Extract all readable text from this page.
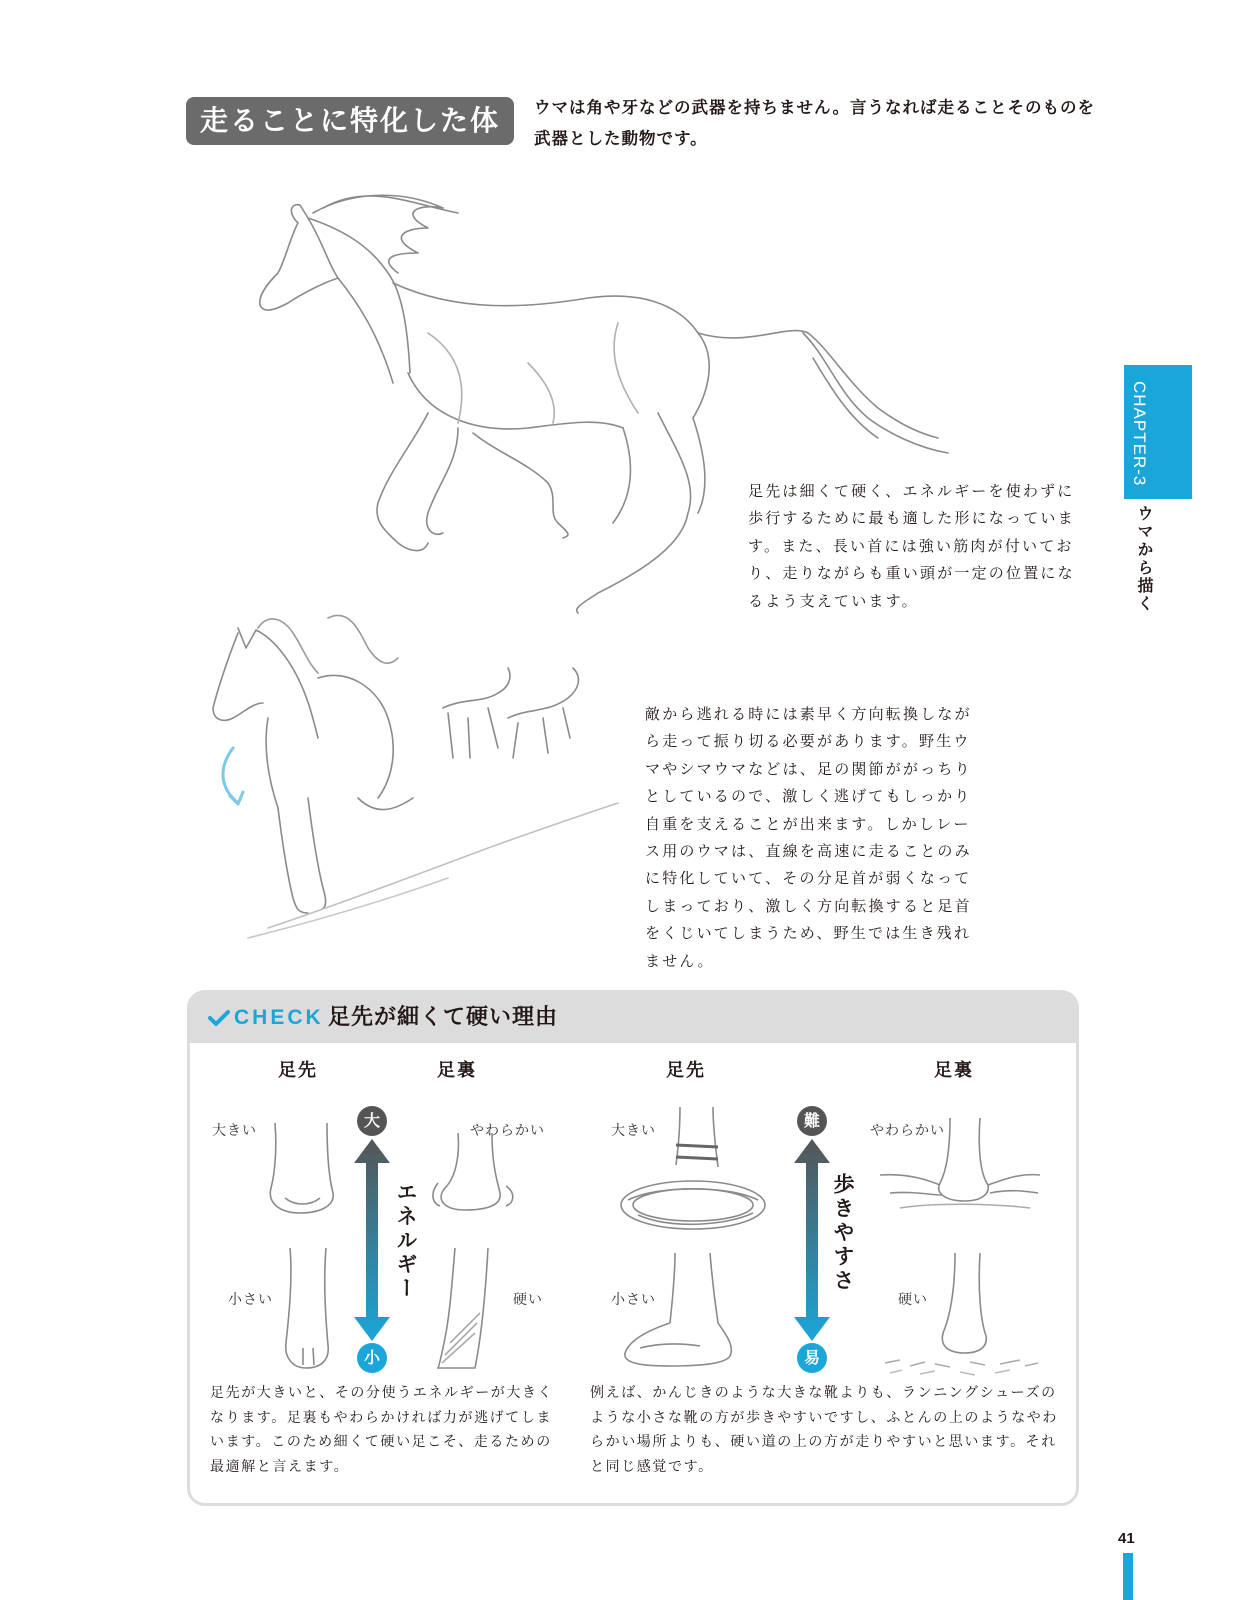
走ることに特化した体	ウマは角や牙などの武器を持ちません。言うなれば走ることそのものを武器とした動物です。
CHAPTER-3
ウマから描く
足先は細くて硬く、エネルギーを使わずに歩行するために最も適した形になっています。また、長い首には強い筋肉が付いており、走りながらも重い頭が一定の位置になるよう支えています。
敵から逃れる時には素早く方向転換しながら走って振り切る必要があります。野生ウマやシマウマなどは、足の関節ががっちりとしているので、激しく逃げてもしっかり自重を支えることが出来ます。しかしレース用のウマは、直線を高速に走ることのみに特化していて、その分足首が弱くなってしまっており、激しく方向転換すると足首をくじいてしまうため、野生では生き残れません。
CHECK 足先が細くて硬い理由
足先	足裏
大きい
小さい
やわらかい
硬い
大
小
エネルギー
足先が大きいと、その分使うエネルギーが大きくなります。足裏もやわらかければ力が逃げてしまいます。このため細くて硬い足こそ、走るための最適解と言えます。
足先	足裏
大きい
小さい
やわらかい
硬い
難
易
歩きやすさ
例えば、かんじきのような大きな靴よりも、ランニングシューズのような小さな靴の方が歩きやすいですし、ふとんの上のようなやわらかい場所よりも、硬い道の上の方が走りやすいと思います。それと同じ感覚です。
41
